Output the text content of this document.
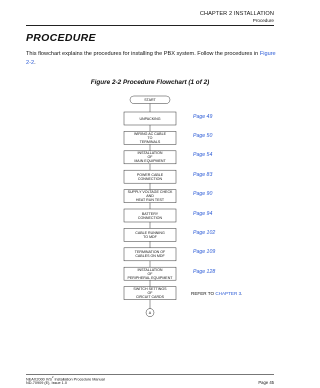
CHAPTER 2 INSTALLATION
Procedure
PROCEDURE
This flowchart explains the procedures for installing the PBX system. Follow the procedures in Figure 2-2.
Figure 2-2 Procedure Flowchart (1 of 2)
START
UNPACKING
WIRING AC CABLE
TO
TERMINALS
INSTALLATION
OF
MAIN EQUIPMENT
POWER CABLE
CONNECTION
SUPPLY VOLTAGE CHECK
AND
HEAT RUN TEST
BATTERY
CONNECTION
CABLE RUNNING
TO MDF
TERMINATION OF
CABLES ON MDF
INSTALLATION
OF
PERIPHERAL EQUIPMENT
SWITCH SETTINGS
OF
CIRCUIT CARDS
A
REFER TO CHAPTER 3.
NEAX2000 IVS$^2$ Installation Procedure Manual
ND-70909 (E), Issue 1.0	Page 45
Page 49
Page 50
Page 54
Page 83
Page 90
Page 94
Page 102
Page 109
Page 128
